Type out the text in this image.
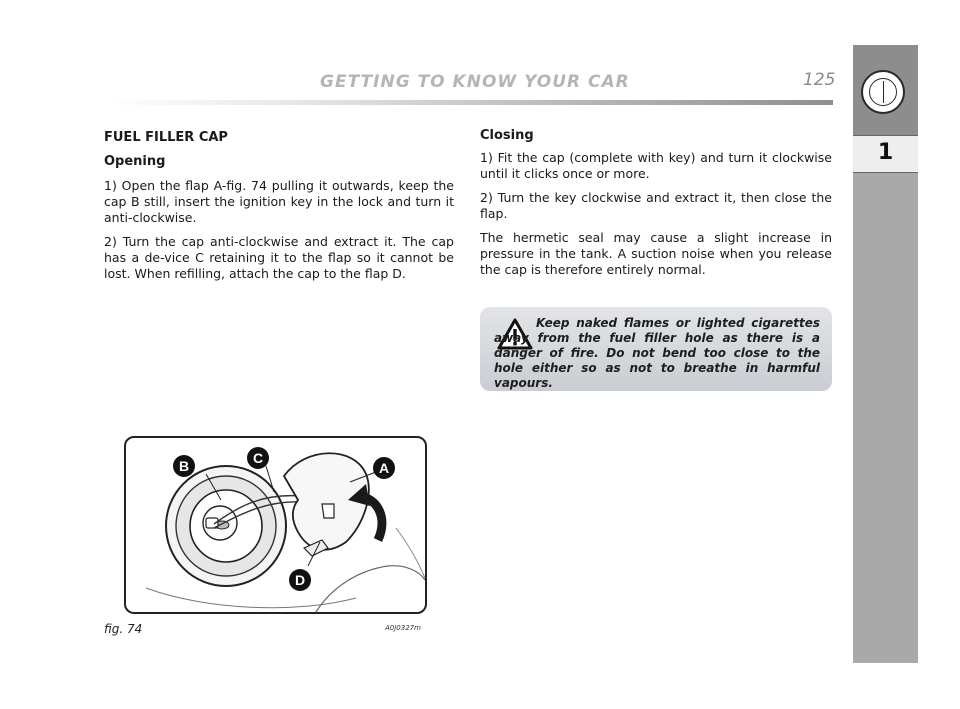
GETTING TO KNOW YOUR CAR	125
1

FUEL FILLER CAP

Opening

1) Open the flap A-fig. 74 pulling it outwards, keep the cap B still, insert the ignition key in the lock and turn it anti-clockwise.

2) Turn the cap anti-clockwise and extract it. The cap has a de-vice C retaining it to the flap so it cannot be lost. When refilling, attach the cap to the flap D.

Closing

1) Fit the cap (complete with key) and turn it clockwise until it clicks once or more.

2) Turn the key clockwise and extract it, then close the flap.

The hermetic seal may cause a slight increase in pressure in the tank. A suction noise when you release the cap is therefore entirely normal.

Keep naked flames or lighted cigarettes away from the fuel filler hole as there is a danger of fire. Do not bend too close to the hole either so as not to breathe in harmful vapours.
B	C
A
D
fig. 74	A0J0327m
